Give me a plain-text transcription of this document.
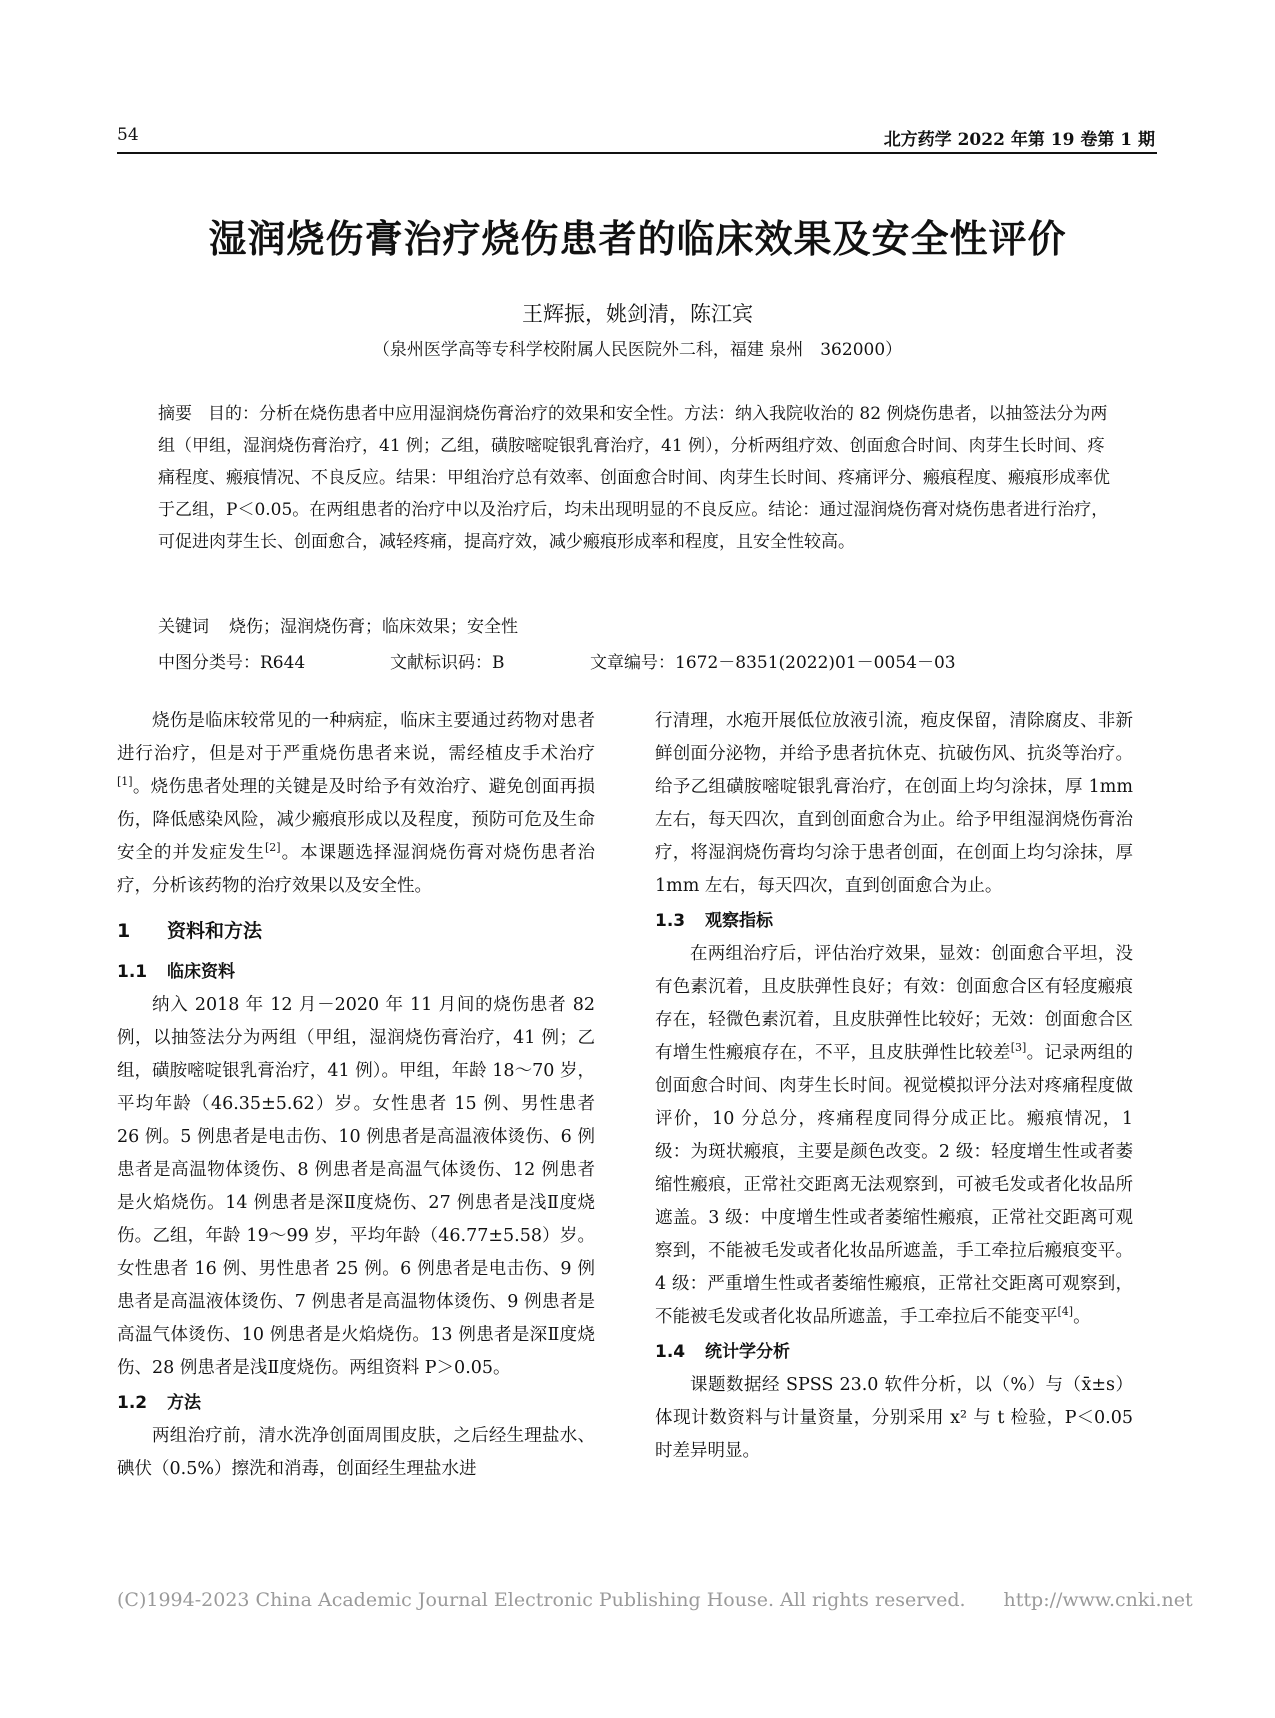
54	北方药学 2022 年第 19 卷第 1 期
湿润烧伤膏治疗烧伤患者的临床效果及安全性评价
王辉振，姚剑清，陈江宾
（泉州医学高等专科学校附属人民医院外二科，福建 泉州　362000）
摘要 目的：分析在烧伤患者中应用湿润烧伤膏治疗的效果和安全性。方法：纳入我院收治的 82 例烧伤患者，以抽签法分为两组（甲组，湿润烧伤膏治疗，41 例；乙组，磺胺嘧啶银乳膏治疗，41 例），分析两组疗效、创面愈合时间、肉芽生长时间、疼痛程度、瘢痕情况、不良反应。结果：甲组治疗总有效率、创面愈合时间、肉芽生长时间、疼痛评分、瘢痕程度、瘢痕形成率优于乙组，P＜0.05。在两组患者的治疗中以及治疗后，均未出现明显的不良反应。结论：通过湿润烧伤膏对烧伤患者进行治疗，可促进肉芽生长、创面愈合，减轻疼痛，提高疗效，减少瘢痕形成率和程度，且安全性较高。
关键词 烧伤；湿润烧伤膏；临床效果；安全性
中图分类号：R644	文献标识码：B	文章编号：1672－8351(2022)01－0054－03

烧伤是临床较常见的一种病症，临床主要通过药物对患者进行治疗，但是对于严重烧伤患者来说，需经植皮手术治疗[1]。烧伤患者处理的关键是及时给予有效治疗、避免创面再损伤，降低感染风险，减少瘢痕形成以及程度，预防可危及生命安全的并发症发生[2]。本课题选择湿润烧伤膏对烧伤患者治疗，分析该药物的治疗效果以及安全性。

1 资料和方法
1.1 临床资料

纳入 2018 年 12 月－2020 年 11 月间的烧伤患者 82 例，以抽签法分为两组（甲组，湿润烧伤膏治疗，41 例；乙组，磺胺嘧啶银乳膏治疗，41 例）。甲组，年龄 18～70 岁，平均年龄（46.35±5.62）岁。女性患者 15 例、男性患者 26 例。5 例患者是电击伤、10 例患者是高温液体烫伤、6 例患者是高温物体烫伤、8 例患者是高温气体烫伤、12 例患者是火焰烧伤。14 例患者是深Ⅱ度烧伤、27 例患者是浅Ⅱ度烧伤。乙组，年龄 19～99 岁，平均年龄（46.77±5.58）岁。女性患者 16 例、男性患者 25 例。6 例患者是电击伤、9 例患者是高温液体烫伤、7 例患者是高温物体烫伤、9 例患者是高温气体烫伤、10 例患者是火焰烧伤。13 例患者是深Ⅱ度烧伤、28 例患者是浅Ⅱ度烧伤。两组资料 P＞0.05。

1.2 方法

两组治疗前，清水洗净创面周围皮肤，之后经生理盐水、碘伏（0.5%）擦洗和消毒，创面经生理盐水进

行清理，水疱开展低位放液引流，疱皮保留，清除腐皮、非新鲜创面分泌物，并给予患者抗休克、抗破伤风、抗炎等治疗。给予乙组磺胺嘧啶银乳膏治疗，在创面上均匀涂抹，厚 1mm 左右，每天四次，直到创面愈合为止。给予甲组湿润烧伤膏治疗，将湿润烧伤膏均匀涂于患者创面，在创面上均匀涂抹，厚 1mm 左右，每天四次，直到创面愈合为止。

1.3 观察指标

在两组治疗后，评估治疗效果，显效：创面愈合平坦，没有色素沉着，且皮肤弹性良好；有效：创面愈合区有轻度瘢痕存在，轻微色素沉着，且皮肤弹性比较好；无效：创面愈合区有增生性瘢痕存在，不平，且皮肤弹性比较差[3]。记录两组的创面愈合时间、肉芽生长时间。视觉模拟评分法对疼痛程度做评价，10 分总分，疼痛程度同得分成正比。瘢痕情况，1 级：为斑状瘢痕，主要是颜色改变。2 级：轻度增生性或者萎缩性瘢痕，正常社交距离无法观察到，可被毛发或者化妆品所遮盖。3 级：中度增生性或者萎缩性瘢痕，正常社交距离可观察到，不能被毛发或者化妆品所遮盖，手工牵拉后瘢痕变平。4 级：严重增生性或者萎缩性瘢痕，正常社交距离可观察到，不能被毛发或者化妆品所遮盖，手工牵拉后不能变平[4]。

1.4 统计学分析

课题数据经 SPSS 23.0 软件分析，以（%）与（x̄±s）体现计数资料与计量资量，分别采用 x² 与 t 检验，P＜0.05 时差异明显。

(C)1994-2023 China Academic Journal Electronic Publishing House. All rights reserved.　　http://www.cnki.net
